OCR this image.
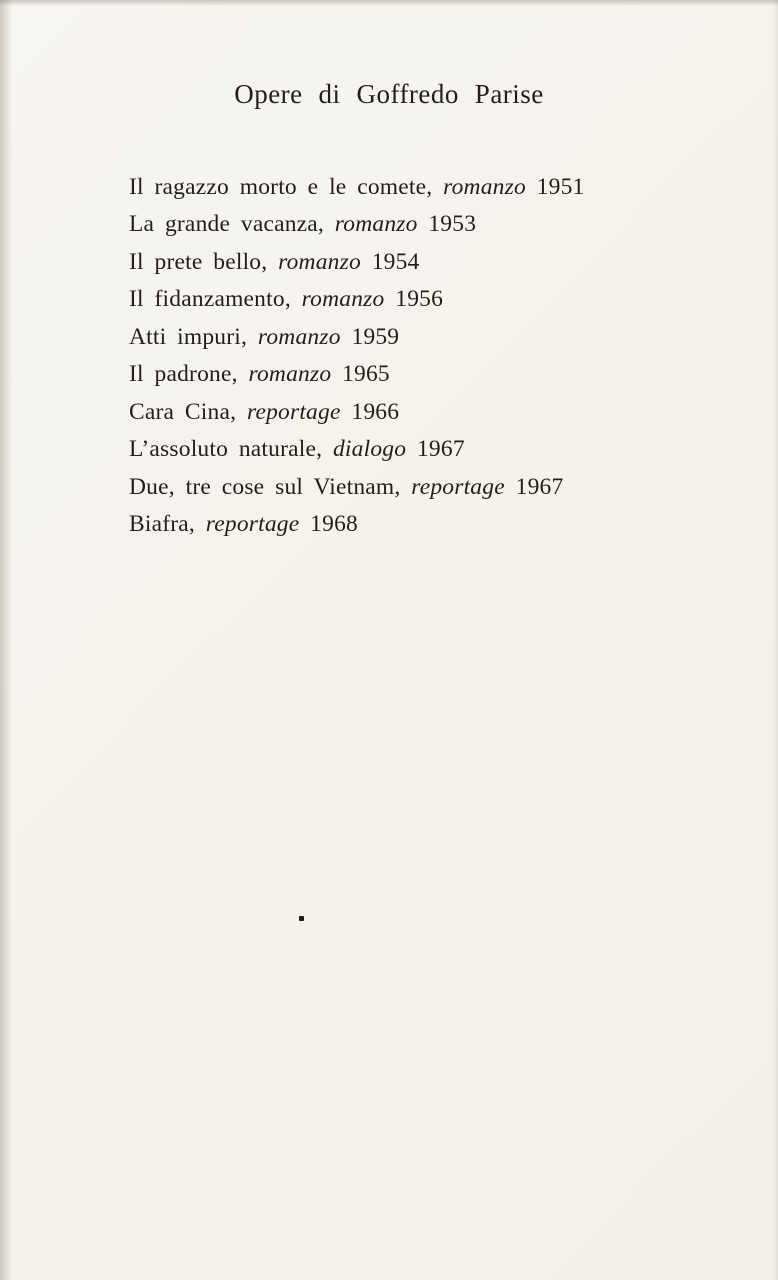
Opere di Goffredo Parise
Il ragazzo morto e le comete, romanzo 1951
La grande vacanza, romanzo 1953
Il prete bello, romanzo 1954
Il fidanzamento, romanzo 1956
Atti impuri, romanzo 1959
Il padrone, romanzo 1965
Cara Cina, reportage 1966
L’assoluto naturale, dialogo 1967
Due, tre cose sul Vietnam, reportage 1967
Biafra, reportage 1968
